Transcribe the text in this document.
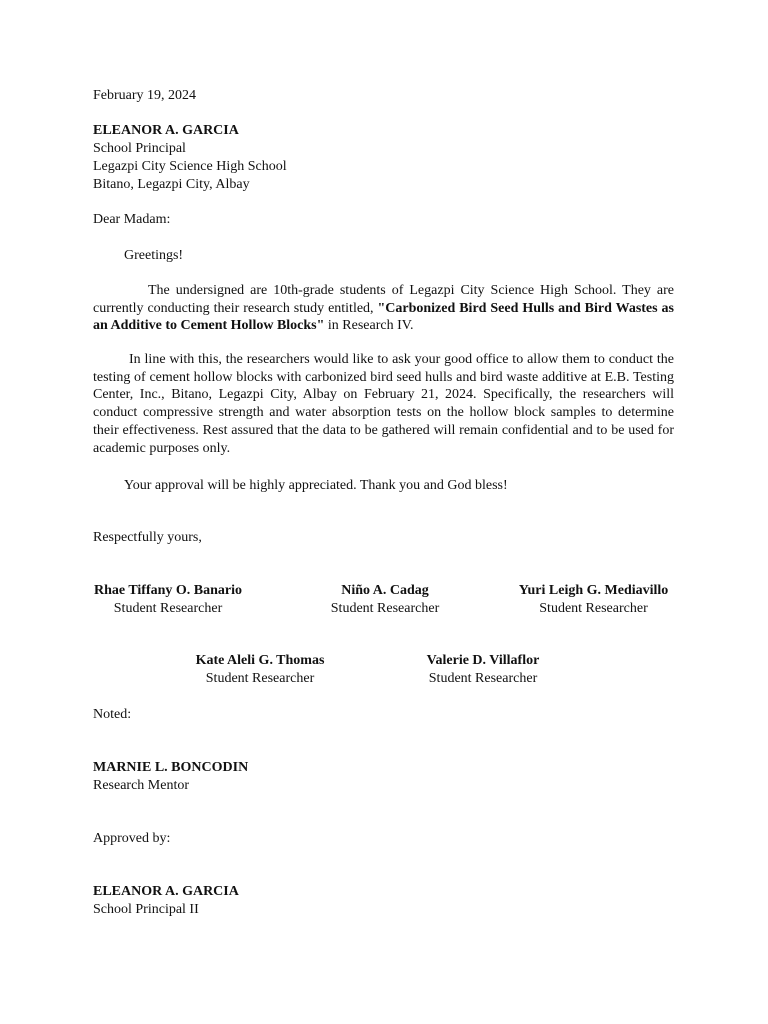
February 19, 2024
ELEANOR A. GARCIA
School Principal
Legazpi City Science High School
Bitano, Legazpi City, Albay
Dear Madam:
Greetings!
The undersigned are 10th-grade students of Legazpi City Science High School. They are currently conducting their research study entitled, "Carbonized Bird Seed Hulls and Bird Wastes as an Additive to Cement Hollow Blocks" in Research IV.
In line with this, the researchers would like to ask your good office to allow them to conduct the testing of cement hollow blocks with carbonized bird seed hulls and bird waste additive at E.B. Testing Center, Inc., Bitano, Legazpi City, Albay on February 21, 2024. Specifically, the researchers will conduct compressive strength and water absorption tests on the hollow block samples to determine their effectiveness. Rest assured that the data to be gathered will remain confidential and to be used for academic purposes only.
Your approval will be highly appreciated. Thank you and God bless!
Respectfully yours,
Rhae Tiffany O. Banario
Student Researcher
Niño A. Cadag
Student Researcher
Yuri Leigh G. Mediavillo
Student Researcher
Kate Aleli G. Thomas
Student Researcher
Valerie D. Villaflor
Student Researcher
Noted:
MARNIE L. BONCODIN
Research Mentor
Approved by:
ELEANOR A. GARCIA
School Principal II
